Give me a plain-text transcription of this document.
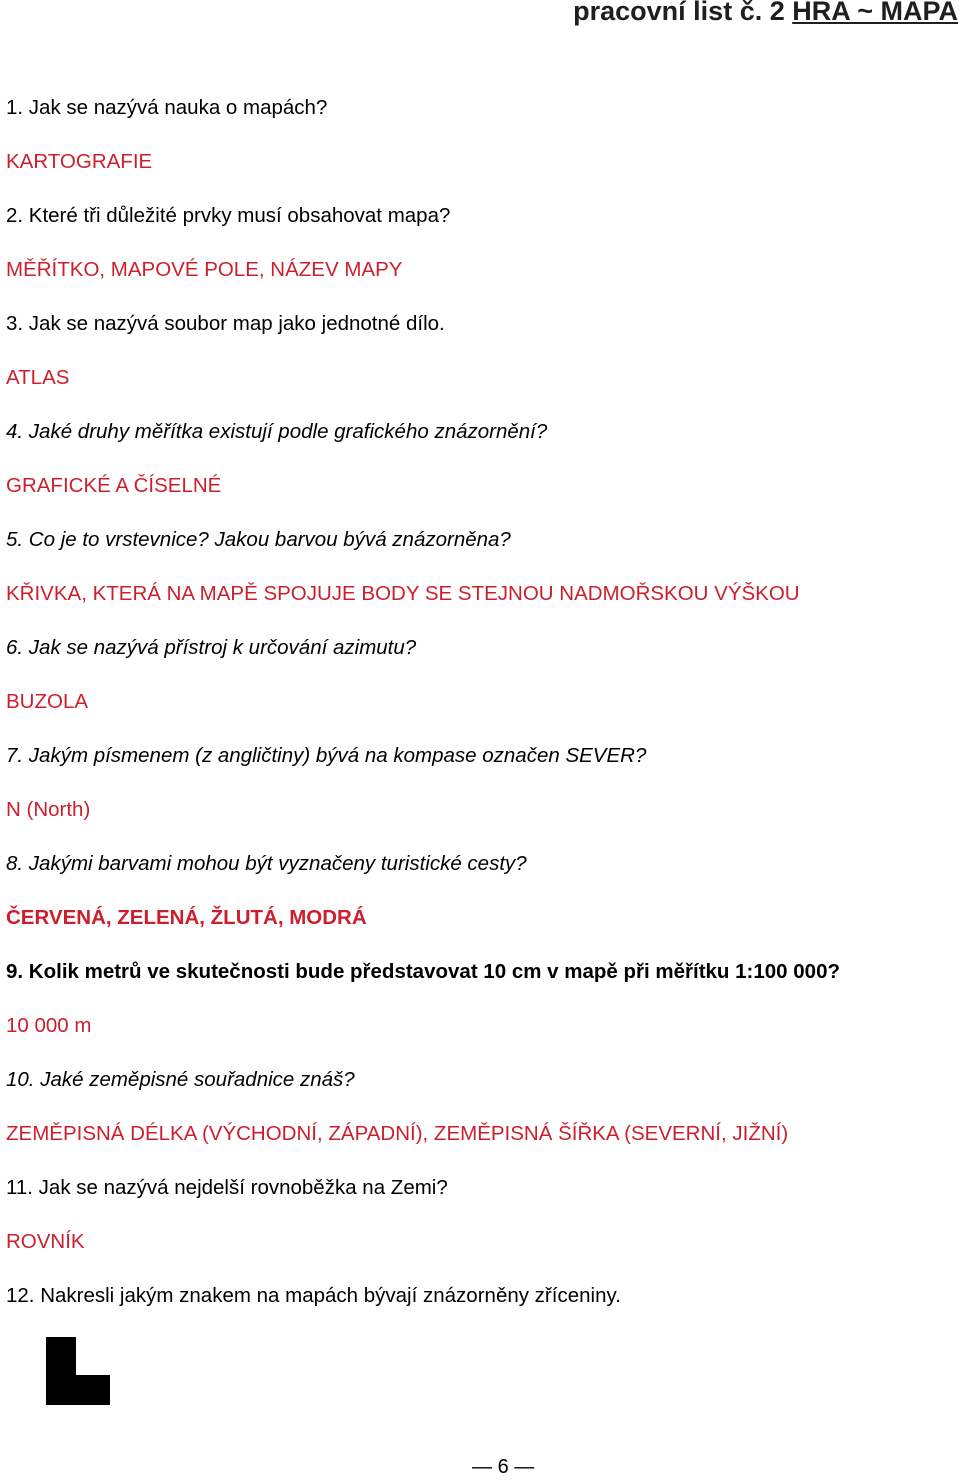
pracovní list č. 2 HRA ~ MAPA
1. Jak se nazývá nauka o mapách?
KARTOGRAFIE
2. Které tři důležité prvky musí obsahovat mapa?
MĚŘÍTKO, MAPOVÉ POLE, NÁZEV MAPY
3. Jak se nazývá soubor map jako jednotné dílo.
ATLAS
4. Jaké druhy měřítka existují podle grafického znázornění?
GRAFICKÉ A ČÍSELNÉ
5. Co je to vrstevnice? Jakou barvou bývá znázorněna?
KŘIVKA, KTERÁ NA MAPĚ SPOJUJE BODY SE STEJNOU NADMOŘSKOU VÝŠKOU
6. Jak se nazývá přístroj k určování azimutu?
BUZOLA
7. Jakým písmenem (z angličtiny) bývá na kompase označen SEVER?
N (North)
8. Jakými barvami mohou být vyznačeny turistické cesty?
ČERVENÁ, ZELENÁ, ŽLUTÁ, MODRÁ
9. Kolik metrů ve skutečnosti bude představovat 10 cm v mapě při měřítku 1:100 000?
10 000 m
10. Jaké zeměpisné souřadnice znáš?
ZEMĚPISNÁ DÉLKA (VÝCHODNÍ, ZÁPADNÍ), ZEMĚPISNÁ ŠÍŘKA (SEVERNÍ, JIŽNÍ)
11. Jak se nazývá nejdelší rovnoběžka na Zemi?
ROVNÍK
12. Nakresli jakým znakem na mapách bývají znázorněny zříceniny.
— 6 —
